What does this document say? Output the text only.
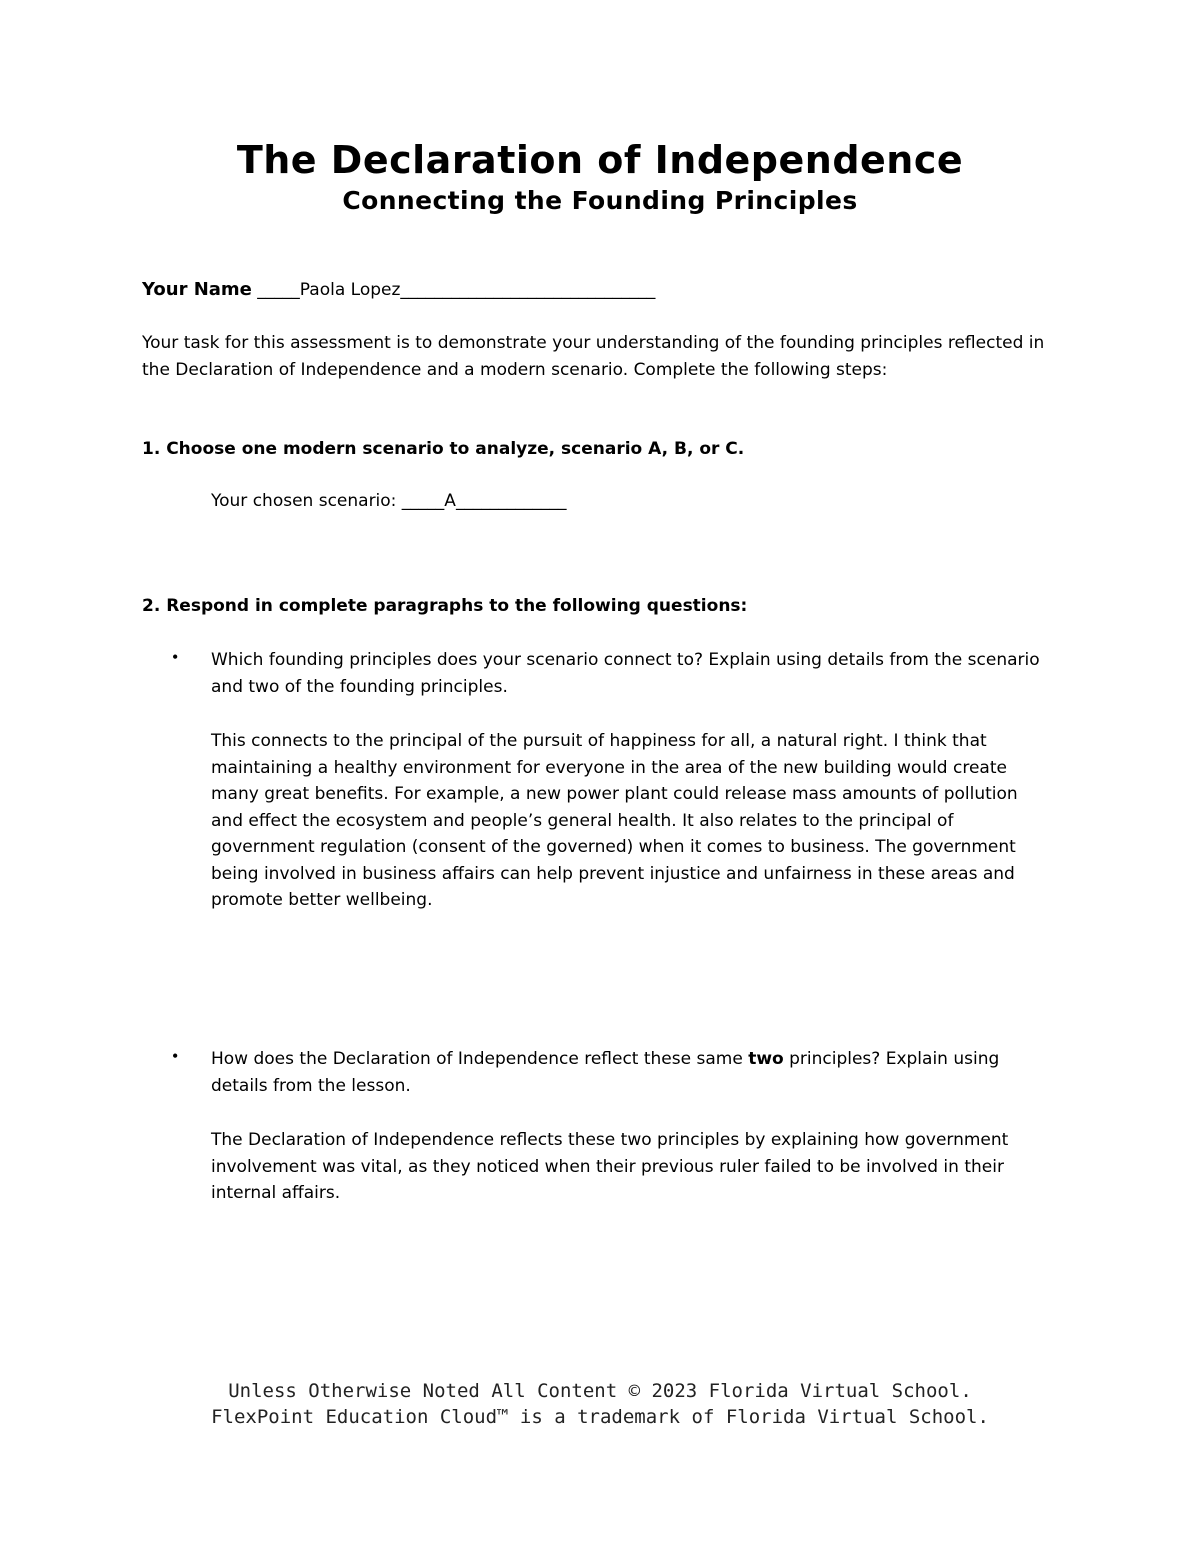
The Declaration of Independence
Connecting the Founding Principles
Your Name _____Paola Lopez______________________________
Your task for this assessment is to demonstrate your understanding of the founding principles reflected in the Declaration of Independence and a modern scenario. Complete the following steps:
1. Choose one modern scenario to analyze, scenario A, B, or C.
Your chosen scenario: _____A_____________
2. Respond in complete paragraphs to the following questions:
• Which founding principles does your scenario connect to? Explain using details from the scenario and two of the founding principles.
This connects to the principal of the pursuit of happiness for all, a natural right. I think that maintaining a healthy environment for everyone in the area of the new building would create many great benefits. For example, a new power plant could release mass amounts of pollution and effect the ecosystem and people’s general health. It also relates to the principal of government regulation (consent of the governed) when it comes to business. The government being involved in business affairs can help prevent injustice and unfairness in these areas and promote better wellbeing.
• How does the Declaration of Independence reflect these same two principles? Explain using details from the lesson.
The Declaration of Independence reflects these two principles by explaining how government involvement was vital, as they noticed when their previous ruler failed to be involved in their internal affairs.
Unless Otherwise Noted All Content © 2023 Florida Virtual School.
FlexPoint Education Cloud™ is a trademark of Florida Virtual School.
